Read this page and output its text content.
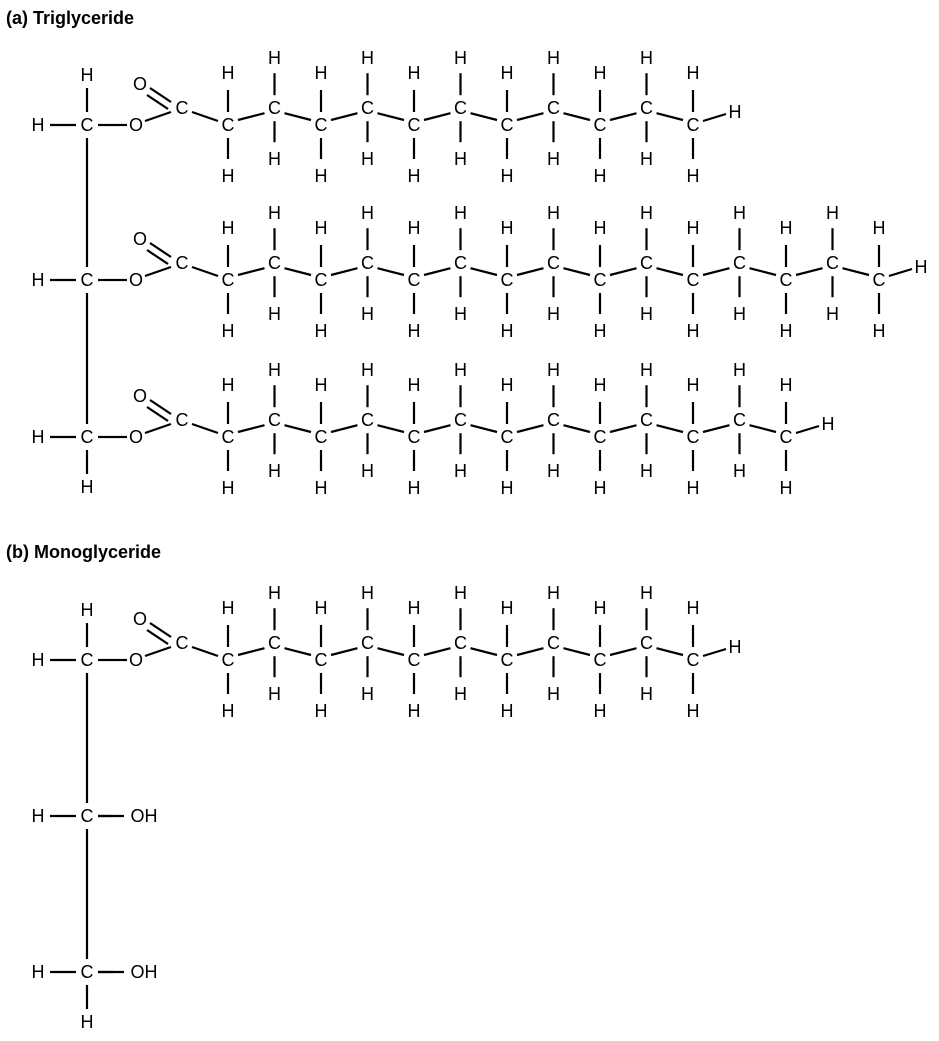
(a) Triglyceride
(b) Monoglyceride
C
H
H
O
C
O
C
H
H
C
H
H
C
H
H
C
H
H
C
H
H
C
H
H
C
H
H
C
H
H
C
H
H
C
H
H
C
H
H
H
C
H	O
C
O
C
H
H
C
H
H
C
H
H
C
H
H
C
H
H
C
H
H
C
H
H
C
H
H
C
H
H
C
H
H
C
H
H
C
H
H
C
H
H
C
H
H
C
H
H
H
C
H
H
O
C
O
C
H
H
C
H
H
C
H
H
C
H
H
C
H
H
C
H
H
C
H
H
C
H
H
C
H
H
C
H
H
C
H
H
C
H
H
C
H
H
H
C
H
H
O
C
O
C
H
H
C
H
H
C
H
H
C
H
H
C
H
H
C
H
H
C
H
H
C
H
H
C
H
H
C
H
H
C
H
H
H
C
H	OH
C
H
H
OH
